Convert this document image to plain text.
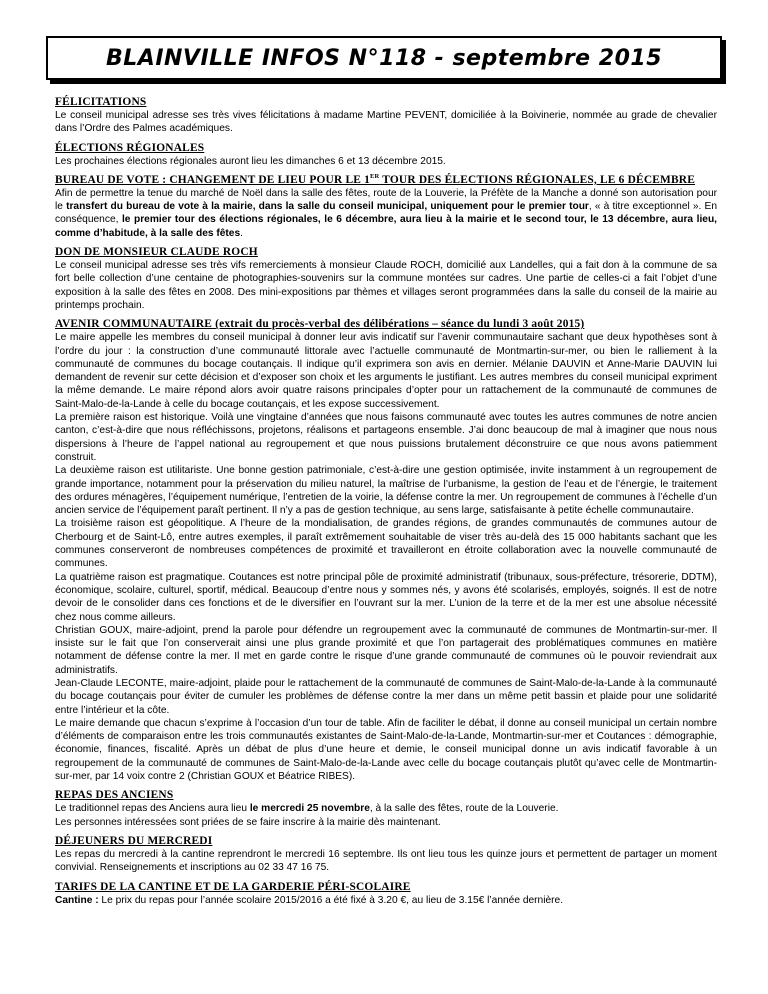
BLAINVILLE INFOS N°118 - septembre 2015
FÉLICITATIONS

Le conseil municipal adresse ses très vives félicitations à madame Martine PEVENT, domiciliée à la Boivinerie, nommée au grade de chevalier dans l’Ordre des Palmes académiques.

ÉLECTIONS RÉGIONALES

Les prochaines élections régionales auront lieu les dimanches 6 et 13 décembre 2015.

BUREAU DE VOTE : CHANGEMENT DE LIEU POUR LE 1ER TOUR DES ÉLECTIONS RÉGIONALES, LE 6 DÉCEMBRE

Afin de permettre la tenue du marché de Noël dans la salle des fêtes, route de la Louverie, la Préfète de la Manche a donné son autorisation pour le transfert du bureau de vote à la mairie, dans la salle du conseil municipal, uniquement pour le premier tour, « à titre exceptionnel ». En conséquence, le premier tour des élections régionales, le 6 décembre, aura lieu à la mairie et le second tour, le 13 décembre, aura lieu, comme d’habitude, à la salle des fêtes.

DON DE MONSIEUR CLAUDE ROCH

Le conseil municipal adresse ses très vifs remerciements à monsieur Claude ROCH, domicilié aux Landelles, qui a fait don à la commune de sa fort belle collection d’une centaine de photographies-souvenirs sur la commune montées sur cadres. Une partie de celles-ci a fait l’objet d’une exposition à la salle des fêtes en 2008. Des mini-expositions par thèmes et villages seront programmées dans la salle du conseil de la mairie au printemps prochain.

AVENIR COMMUNAUTAIRE (extrait du procès-verbal des délibérations – séance du lundi 3 août 2015)

Le maire appelle les membres du conseil municipal à donner leur avis indicatif sur l’avenir communautaire sachant que deux hypothèses sont à l’ordre du jour : la construction d’une communauté littorale avec l’actuelle communauté de Montmartin-sur-mer, ou bien le ralliement à la communauté de communes du bocage coutançais. Il indique qu’il exprimera son avis en dernier. Mélanie DAUVIN et Anne-Marie DAUVIN lui demandent de revenir sur cette décision et d’exposer son choix et les arguments le justifiant. Les autres membres du conseil municipal expriment la même demande. Le maire répond alors avoir quatre raisons principales d’opter pour un rattachement de la communauté de communes de Saint-Malo-de-la-Lande à celle du bocage coutançais, et les expose successivement.

La première raison est historique. Voilà une vingtaine d’années que nous faisons communauté avec toutes les autres communes de notre ancien canton, c’est-à-dire que nous réfléchissons, projetons, réalisons et partageons ensemble. J’ai donc beaucoup de mal à imaginer que nous nous dispersions à l’heure de l’appel national au regroupement et que nous puissions brutalement déconstruire ce que nous avons patiemment construit.

La deuxième raison est utilitariste. Une bonne gestion patrimoniale, c’est-à-dire une gestion optimisée, invite instamment à un regroupement de grande importance, notamment pour la préservation du milieu naturel, la maîtrise de l’urbanisme, la gestion de l’eau et de l’énergie, le traitement des ordures ménagères, l’équipement numérique, l’entretien de la voirie, la défense contre la mer. Un regroupement de communes à l’échelle d’un ancien service de l’équipement paraît pertinent. Il n’y a pas de gestion technique, au sens large, satisfaisante à petite échelle communautaire.

La troisième raison est géopolitique. A l’heure de la mondialisation, de grandes régions, de grandes communautés de communes autour de Cherbourg et de Saint-Lô, entre autres exemples, il paraît extrêmement souhaitable de viser très au-delà des 15 000 habitants sachant que les communes conserveront de nombreuses compétences de proximité et travailleront en étroite collaboration avec la nouvelle communauté de communes.

La quatrième raison est pragmatique. Coutances est notre principal pôle de proximité administratif (tribunaux, sous-préfecture, trésorerie, DDTM), économique, scolaire, culturel, sportif, médical. Beaucoup d’entre nous y sommes nés, y avons été scolarisés, employés, soignés. Il est de notre devoir de le consolider dans ces fonctions et de le diversifier en l’ouvrant sur la mer. L’union de la terre et de la mer est une absolue nécessité chez nous comme ailleurs.

Christian GOUX, maire-adjoint, prend la parole pour défendre un regroupement avec la communauté de communes de Montmartin-sur-mer. Il insiste sur le fait que l’on conserverait ainsi une plus grande proximité et que l’on partagerait des problématiques communes en matière notamment de défense contre la mer. Il met en garde contre le risque d’une grande communauté de communes où le pouvoir reviendrait aux administratifs.

Jean-Claude LECONTE, maire-adjoint, plaide pour le rattachement de la communauté de communes de Saint-Malo-de-la-Lande à la communauté du bocage coutançais pour éviter de cumuler les problèmes de défense contre la mer dans un même petit bassin et plaide pour une solidarité entre l’intérieur et la côte.

Le maire demande que chacun s’exprime à l’occasion d’un tour de table. Afin de faciliter le débat, il donne au conseil municipal un certain nombre d’éléments de comparaison entre les trois communautés existantes de Saint-Malo-de-la-Lande, Montmartin-sur-mer et Coutances : démographie, économie, finances, fiscalité. Après un débat de plus d’une heure et demie, le conseil municipal donne un avis indicatif favorable à un regroupement de la communauté de communes de Saint-Malo-de-la-Lande avec celle du bocage coutançais plutôt qu’avec celle de Montmartin-sur-mer, par 14 voix contre 2 (Christian GOUX et Béatrice RIBES).

REPAS DES ANCIENS

Le traditionnel repas des Anciens aura lieu le mercredi 25 novembre, à la salle des fêtes, route de la Louverie.

Les personnes intéressées sont priées de se faire inscrire à la mairie dès maintenant.

DÉJEUNERS DU MERCREDI

Les repas du mercredi à la cantine reprendront le mercredi 16 septembre. Ils ont lieu tous les quinze jours et permettent de partager un moment convivial. Renseignements et inscriptions au 02 33 47 16 75.

TARIFS DE LA CANTINE ET DE LA GARDERIE PÉRI-SCOLAIRE

Cantine : Le prix du repas pour l’année scolaire 2015/2016 a été fixé à 3.20 €, au lieu de 3.15€ l’année dernière.
